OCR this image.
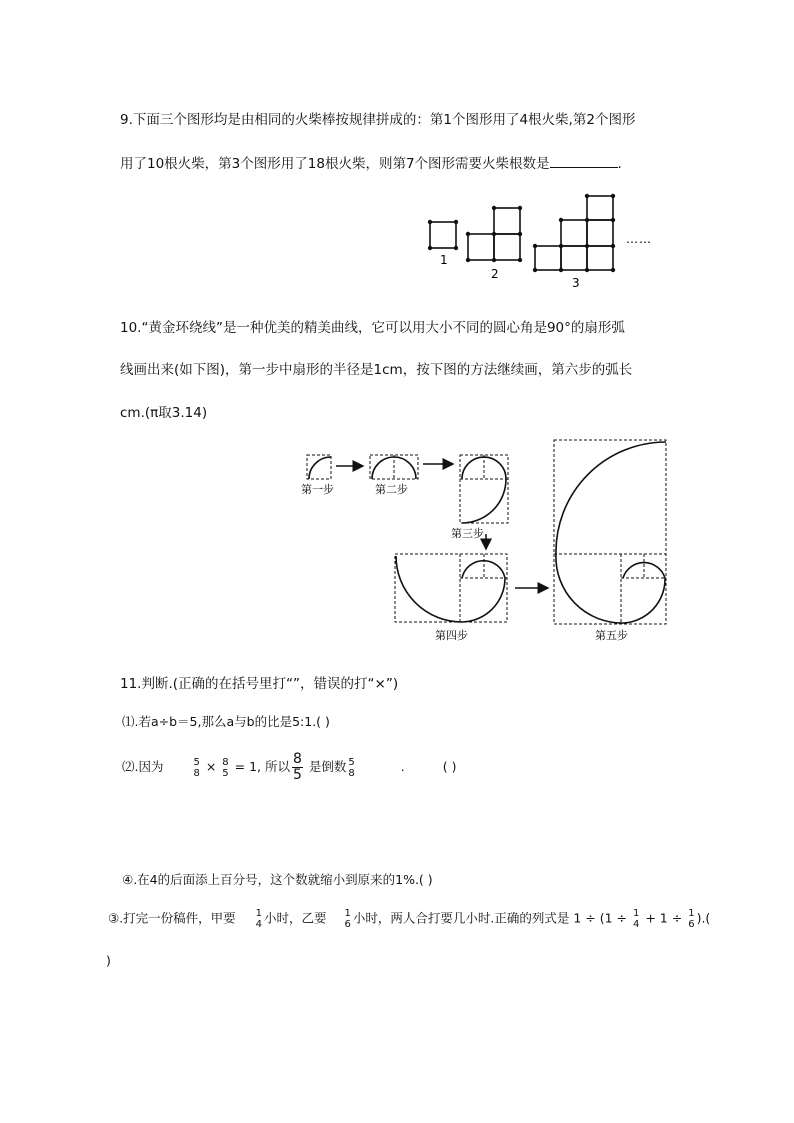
9.下面三个图形均是由相同的火柴棒按规律拼成的：第1个图形用了4根火柴,第2个图形
用了10根火柴，第3个图形用了18根火柴，则第7个图形需要火柴根数是	.
1
2
3
……
10.“黄金环绕线”是一种优美的精美曲线，它可以用大小不同的圆心角是90°的扇形弧
线画出来(如下图)，第一步中扇形的半径是1cm，按下图的方法继续画，第六步的弧长
cm.(π取3.14)
第一步	第二步
第三步
第四步	第五步
11.判断.(正确的在括号里打“”，错误的打“×”)
⑴.若a÷b＝5,那么a与b的比是5:1.( )
⑵.因为	5
8 × 8
5 = 1, 所以 $\frac{8}{5}$ 是倒数 5
8	.	( )
④.在4的后面添上百分号，这个数就缩小到原来的1%.( )
③.打完一份稿件，甲要 1
4 小时，乙要 1
6 小时，两人合打要几小时.正确的列式是 1 ÷ (1 ÷ 1
4 + 1 ÷ 1
6 ).(
)
